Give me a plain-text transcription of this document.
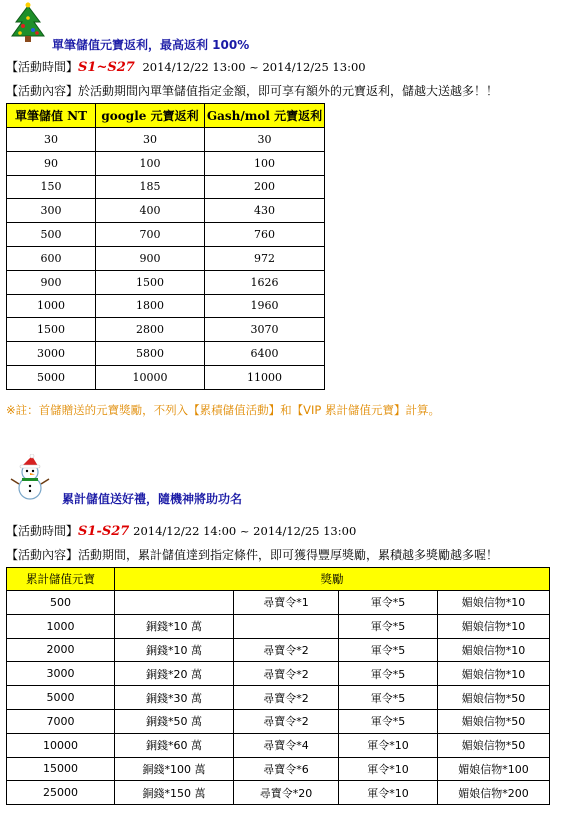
單筆儲值元寶返利，最高返利 100%
【活動時間】S1~S27 2014/12/22 13:00 ~ 2014/12/25 13:00
【活動內容】於活動期間內單筆儲值指定金額，即可享有額外的元寶返利，儲越大送越多！！
單筆儲值 NT	google 元寶返利	Gash/mol 元寶返利
30	30	30
90	100	100
150	185	200
300	400	430
500	700	760
600	900	972
900	1500	1626
1000	1800	1960
1500	2800	3070
3000	5800	6400
5000	10000	11000
※註：首儲贈送的元寶獎勵，不列入【累積儲值活動】和【VIP 累計儲值元寶】計算。
累計儲值送好禮，隨機神將助功名
【活動時間】S1-S27 2014/12/22 14:00 ~ 2014/12/25 13:00
【活動內容】活動期間，累計儲值達到指定條件，即可獲得豐厚獎勵，累積越多獎勵越多喔！
累計儲值元寶	獎勵			
500		尋寶令*1	軍令*5	媚娘信物*10
1000	銅錢*10 萬		軍令*5	媚娘信物*10
2000	銅錢*10 萬	尋寶令*2	軍令*5	媚娘信物*10
3000	銅錢*20 萬	尋寶令*2	軍令*5	媚娘信物*10
5000	銅錢*30 萬	尋寶令*2	軍令*5	媚娘信物*50
7000	銅錢*50 萬	尋寶令*2	軍令*5	媚娘信物*50
10000	銅錢*60 萬	尋寶令*4	軍令*10	媚娘信物*50
15000	銅錢*100 萬	尋寶令*6	軍令*10	媚娘信物*100
25000	銅錢*150 萬	尋寶令*20	軍令*10	媚娘信物*200
